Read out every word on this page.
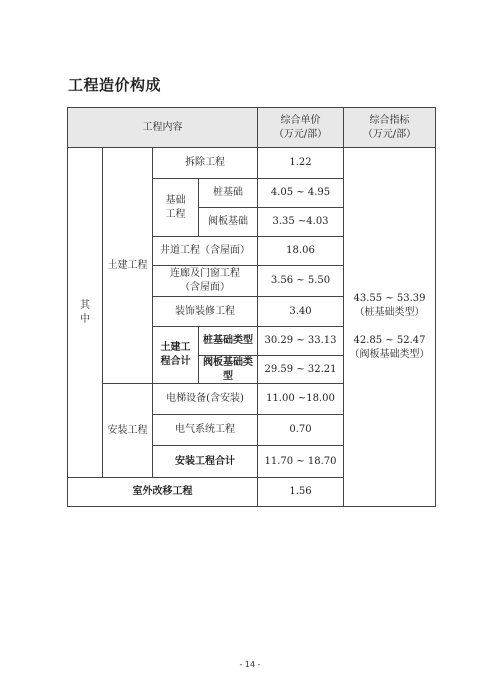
工程造价构成
工程内容
综合单价
（万元/部）
综合指标
（万元/部）
其
中
土建工程
安装工程
基础
工程
土建工
程合计
拆除工程
桩基础
阀板基础
井道工程（含屋面）
连廊及门窗工程
（含屋面）
装饰装修工程
桩基础类型
阀板基础类型
电梯设备(含安装)
电气系统工程
安装工程合计
室外改移工程
1.22
4.05 ~ 4.95
3.35 ~4.03
18.06
3.56 ~ 5.50
3.40
30.29 ~ 33.13
29.59 ~ 32.21
11.00 ~18.00
0.70
11.70 ~ 18.70
1.56
43.55 ~ 53.39
（桩基础类型）
42.85 ~ 52.47
（阀板基础类型）
- 14 -
